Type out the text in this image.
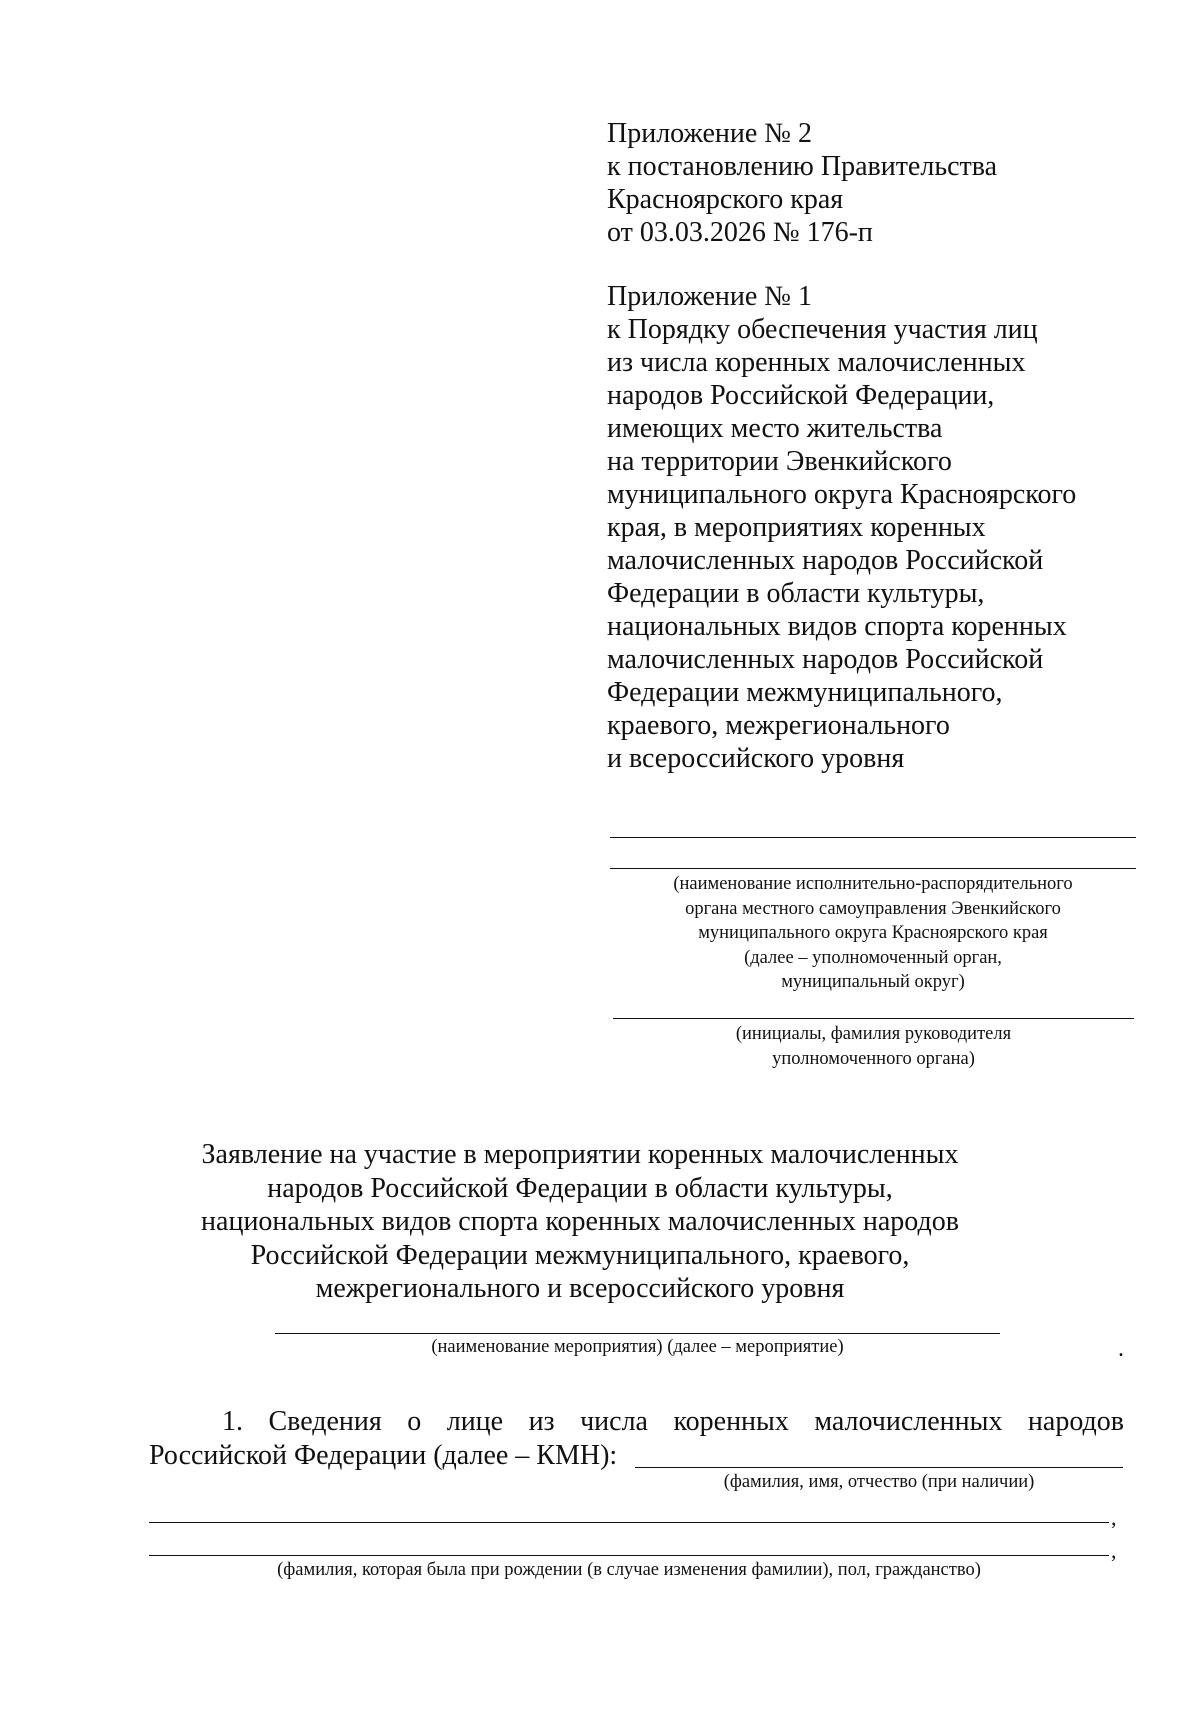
Приложение № 2
к постановлению Правительства
Красноярского края
от 03.03.2026 № 176-п
Приложение № 1
к Порядку обеспечения участия лиц
из числа коренных малочисленных
народов Российской Федерации,
имеющих место жительства
на территории Эвенкийского
муниципального округа Красноярского
края, в мероприятиях коренных
малочисленных народов Российской
Федерации в области культуры,
национальных видов спорта коренных
малочисленных народов Российской
Федерации межмуниципального,
краевого, межрегионального
и всероссийского уровня
(наименование исполнительно-распорядительного
органа местного самоуправления Эвенкийского
муниципального округа Красноярского края
(далее – уполномоченный орган,
муниципальный округ)
(инициалы, фамилия руководителя
уполномоченного органа)
Заявление на участие в мероприятии коренных малочисленных
народов Российской Федерации в области культуры,
национальных видов спорта коренных малочисленных народов
Российской Федерации межмуниципального, краевого,
межрегионального и всероссийского уровня
(наименование мероприятия) (далее – мероприятие)	.
1. Сведения о лице из числа коренных малочисленных народов
Российской Федерации (далее – КМН):
(фамилия, имя, отчество (при наличии)
,
,
(фамилия, которая была при рождении (в случае изменения фамилии), пол, гражданство)
